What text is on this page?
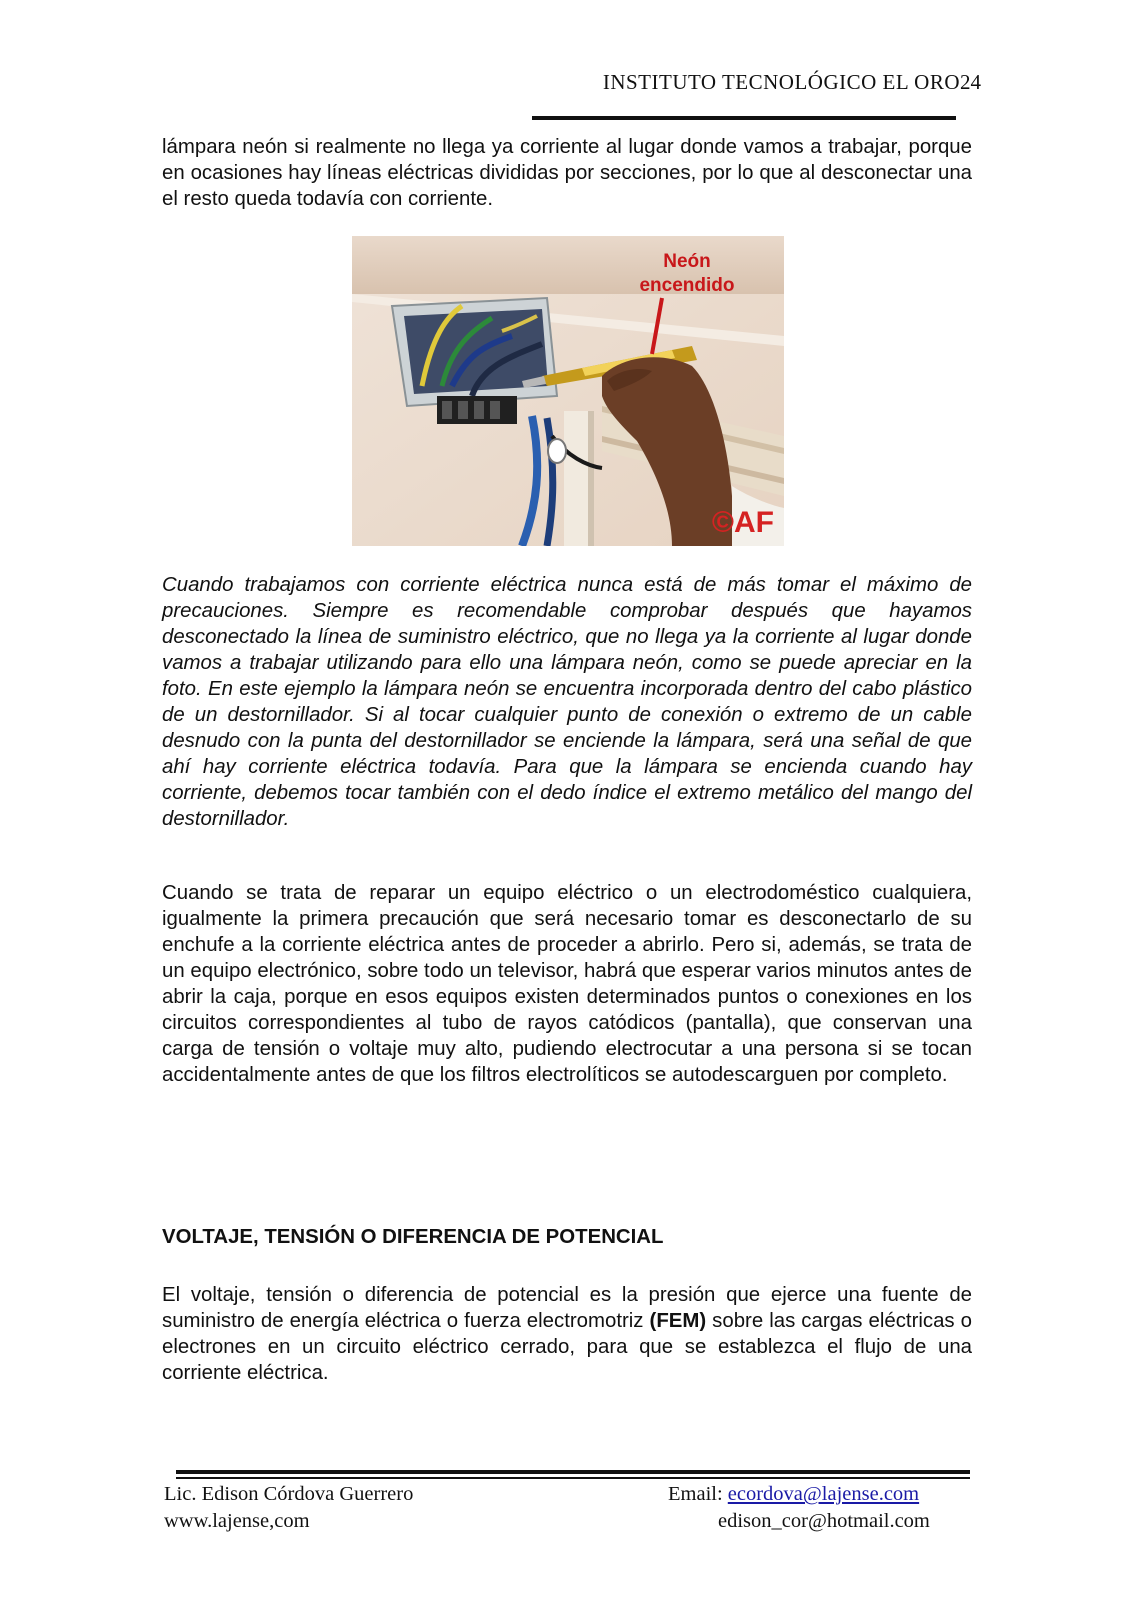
INSTITUTO TECNOLÓGICO EL ORO 24

lámpara neón si realmente no llega ya corriente al lugar donde vamos a trabajar, porque en ocasiones hay líneas eléctricas divididas por secciones, por lo que al desconectar una el resto queda todavía con corriente.

Neón
encendido
©AF

Cuando trabajamos con corriente eléctrica nunca está de más tomar el máximo de precauciones. Siempre es recomendable comprobar después que hayamos desconectado la línea de suministro eléctrico, que no llega ya la corriente al lugar donde vamos a trabajar utilizando para ello una lámpara neón, como se puede apreciar en la foto. En este ejemplo la lámpara neón se encuentra incorporada dentro del cabo plástico de un destornillador. Si al tocar cualquier punto de conexión o extremo de un cable desnudo con la punta del destornillador se enciende la lámpara, será una señal de que ahí hay corriente eléctrica todavía. Para que la lámpara se encienda cuando hay corriente, debemos tocar también con el dedo índice el extremo metálico del mango del destornillador.

Cuando se trata de reparar un equipo eléctrico o un electrodoméstico cualquiera, igualmente la primera precaución que será necesario tomar es desconectarlo de su enchufe a la corriente eléctrica antes de proceder a abrirlo. Pero si, además, se trata de un equipo electrónico, sobre todo un televisor, habrá que esperar varios minutos antes de abrir la caja, porque en esos equipos existen determinados puntos o conexiones en los circuitos correspondientes al tubo de rayos catódicos (pantalla), que conservan una carga de tensión o voltaje muy alto, pudiendo electrocutar a una persona si se tocan accidentalmente antes de que los filtros electrolíticos se autodescarguen por completo.

VOLTAJE, TENSIÓN O DIFERENCIA DE POTENCIAL

El voltaje, tensión o diferencia de potencial es la presión que ejerce una fuente de suministro de energía eléctrica o fuerza electromotriz (FEM) sobre las cargas eléctricas o electrones en un circuito eléctrico cerrado, para que se establezca el flujo de una corriente eléctrica.

Lic. Edison Córdova Guerrero
www.lajense,com
Email: ecordova@lajense.com
edison_cor@hotmail.com
